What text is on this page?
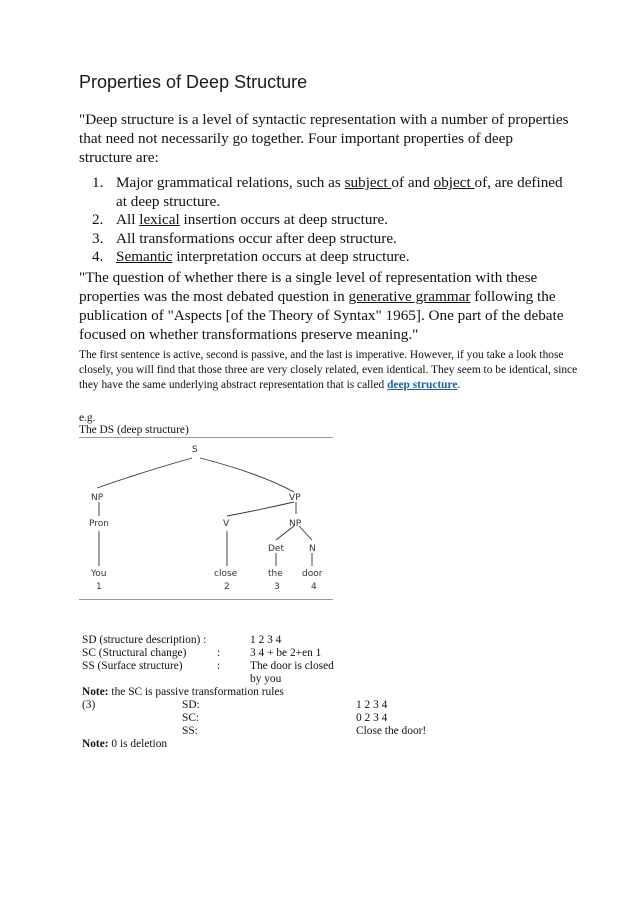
Properties of Deep Structure
"Deep structure is a level of syntactic representation with a number of properties that need not necessarily go together. Four important properties of deep structure are:
1. Major grammatical relations, such as subject of and object of, are defined at deep structure.
2. All lexical insertion occurs at deep structure.
3. All transformations occur after deep structure.
4. Semantic interpretation occurs at deep structure.
"The question of whether there is a single level of representation with these properties was the most debated question in generative grammar following the publication of "Aspects [of the Theory of Syntax" 1965]. One part of the debate focused on whether transformations preserve meaning."
The first sentence is active, second is passive, and the last is imperative. However, if you take a look those closely, you will find that those three are very closely related, even identical. They seem to be identical, since they have the same underlying abstract representation that is called deep structure.
e.g.
The DS (deep structure)
S
NP	VP
Pron	V	NP
Det	N
You	close	the door
1	2	3	4
SD (structure description) :	1 2 3 4
SC (Structural change)	:	3 4 + be 2+en 1
SS (Surface structure)	:	The door is closed
by you
Note: the SC is passive transformation rules
(3)	SD:	1 2 3 4
SC:	0 2 3 4
SS:	Close the door!
Note: 0 is deletion
